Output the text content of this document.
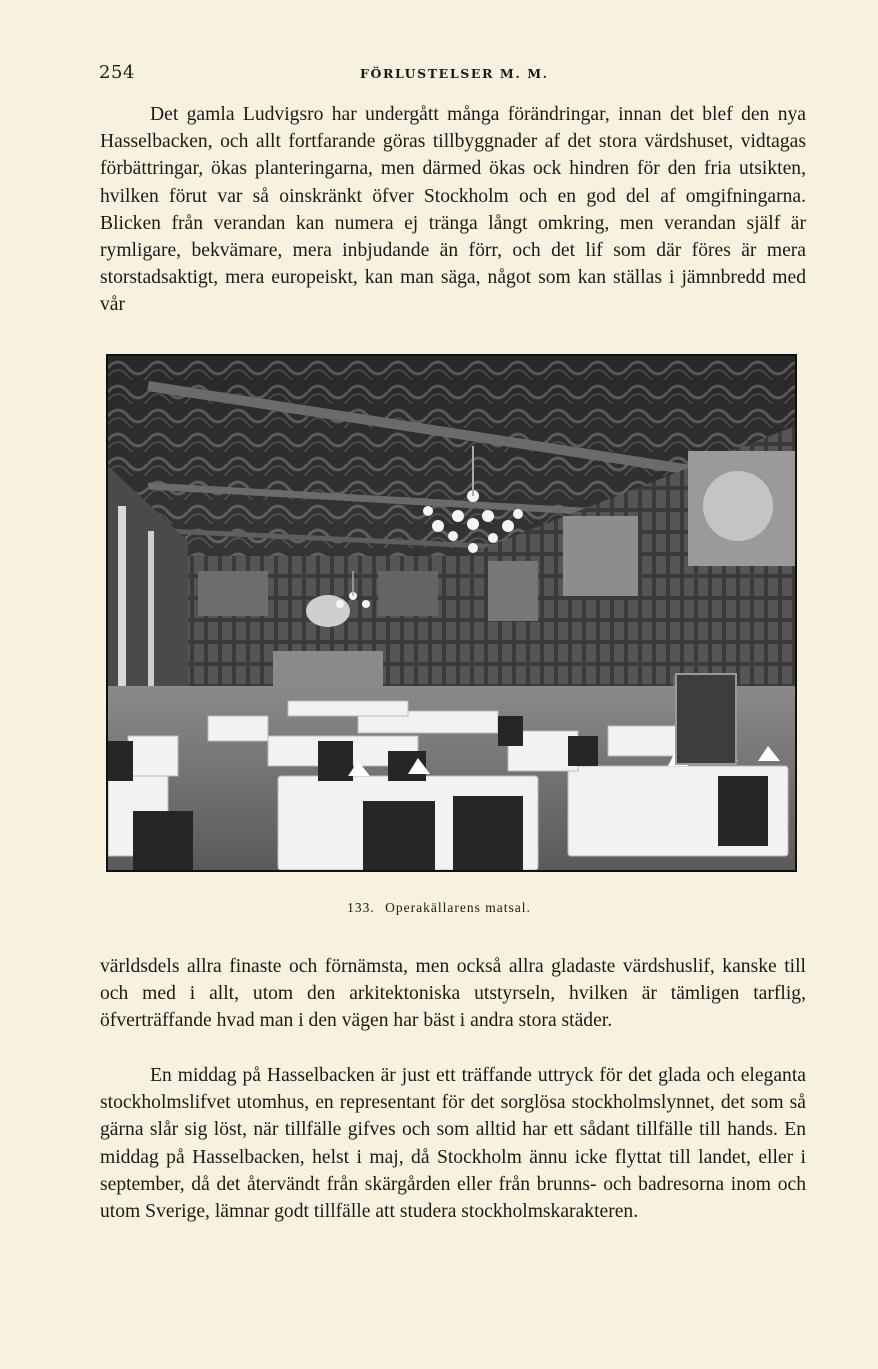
254	FÖRLUSTELSER M. M.

Det gamla Ludvigsro har undergått många förändringar, innan det blef den nya Hasselbacken, och allt fortfarande göras tillbyggnader af det stora värdshuset, vidtagas förbättringar, ökas planteringarna, men därmed ökas ock hindren för den fria utsikten, hvilken förut var så oinskränkt öfver Stockholm och en god del af omgifningarna. Blicken från verandan kan numera ej tränga långt omkring, men verandan själf är rymligare, bekvämare, mera inbjudande än förr, och det lif som där föres är mera storstadsaktigt, mera europeiskt, kan man säga, något som kan ställas i jämnbredd med vår

133. Operakällarens matsal.

världsdels allra finaste och förnämsta, men också allra gladaste värdshuslif, kanske till och med i allt, utom den arkitektoniska utstyrseln, hvilken är tämligen tarflig, öfverträffande hvad man i den vägen har bäst i andra stora städer.

En middag på Hasselbacken är just ett träffande uttryck för det glada och eleganta stockholmslifvet utomhus, en representant för det sorglösa stockholmslynnet, det som så gärna slår sig löst, när tillfälle gifves och som alltid har ett sådant tillfälle till hands. En middag på Hasselbacken, helst i maj, då Stockholm ännu icke flyttat till landet, eller i september, då det återvändt från skärgården eller från brunns- och badresorna inom och utom Sverige, lämnar godt tillfälle att studera stockholmskarakteren.
